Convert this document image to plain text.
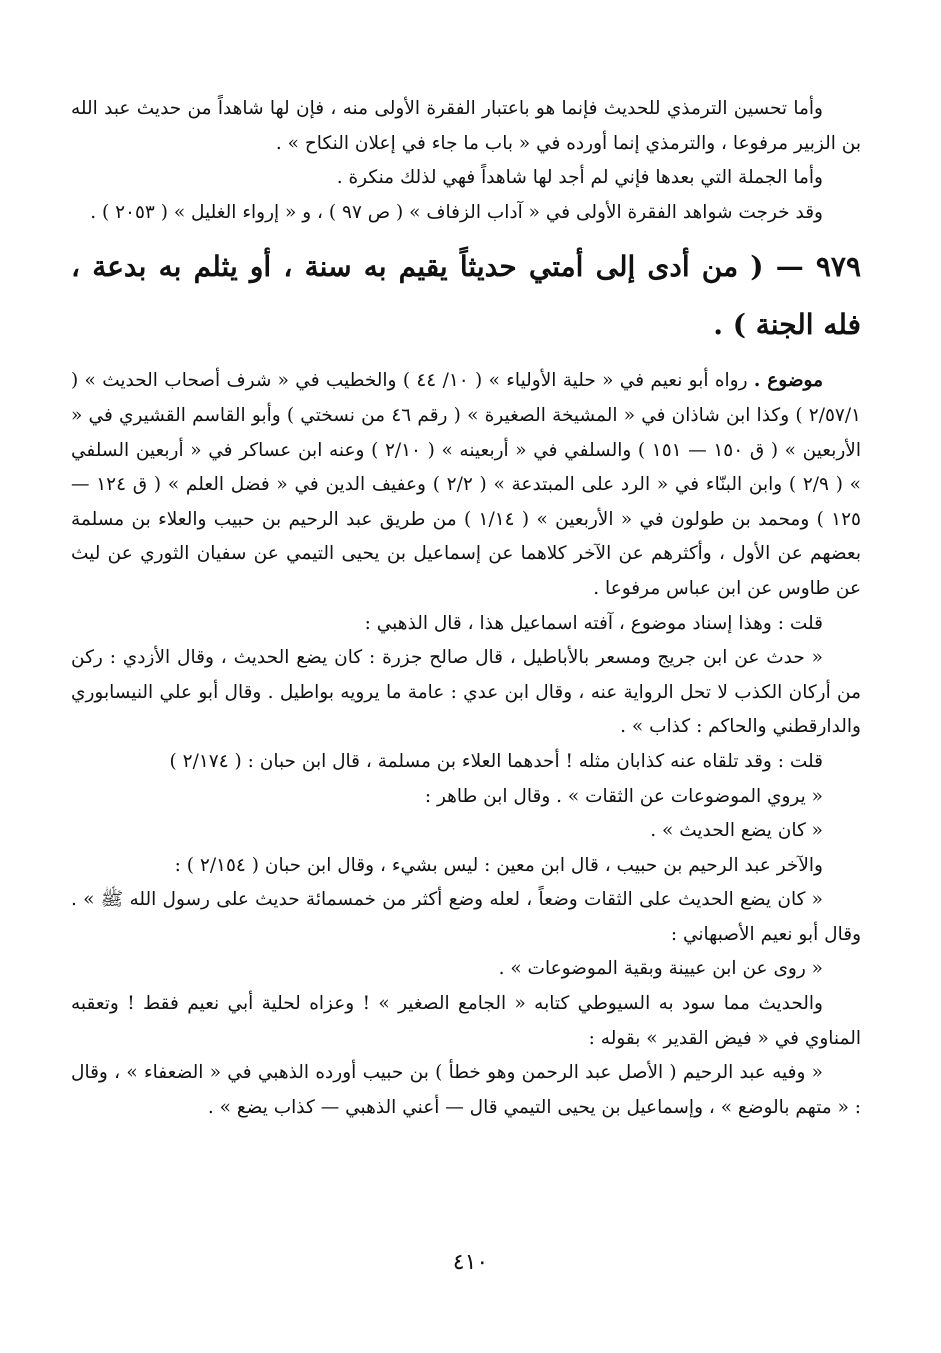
وأما تحسين الترمذي للحديث فإنما هو باعتبار الفقرة الأولى منه ، فإن لها شاهداً من حديث عبد الله بن الزبير مرفوعا ، والترمذي إنما أورده في « باب ما جاء في إعلان النكاح » .

وأما الجملة التي بعدها فإني لم أجد لها شاهداً فهي لذلك منكرة .

وقد خرجت شواهد الفقرة الأولى في « آداب الزفاف » ( ص ٩٧ ) ، و « إرواء الغليل » ( ٢٠٥٣ ) .

٩٧٩ — ( من أدى إلى أمتي حديثاً يقيم به سنة ، أو يثلم به بدعة ، فله الجنة ) .

موضوع . رواه أبو نعيم في « حلية الأولياء » ( ١٠/ ٤٤ ) والخطيب في « شرف أصحاب الحديث » ( ٢/٥٧/١ ) وكذا ابن شاذان في « المشيخة الصغيرة » ( رقم ٤٦ من نسختي ) وأبو القاسم القشيري في « الأربعين » ( ق ١٥٠ — ١٥١ ) والسلفي في « أربعينه » ( ٢/١٠ ) وعنه ابن عساكر في « أربعين السلفي » ( ٢/٩ ) وابن البنّاء في « الرد على المبتدعة » ( ٢/٢ ) وعفيف الدين في « فضل العلم » ( ق ١٢٤ — ١٢٥ ) ومحمد بن طولون في « الأربعين » ( ١/١٤ ) من طريق عبد الرحيم بن حبيب والعلاء بن مسلمة بعضهم عن الأول ، وأكثرهم عن الآخر كلاهما عن إسماعيل بن يحيى التيمي عن سفيان الثوري عن ليث عن طاوس عن ابن عباس مرفوعا .

قلت : وهذا إسناد موضوع ، آفته اسماعيل هذا ، قال الذهبي :

« حدث عن ابن جريج ومسعر بالأباطيل ، قال صالح جزرة : كان يضع الحديث ، وقال الأزدي : ركن من أركان الكذب لا تحل الرواية عنه ، وقال ابن عدي : عامة ما يرويه بواطيل . وقال أبو علي النيسابوري والدارقطني والحاكم : كذاب » .

قلت : وقد تلقاه عنه كذابان مثله ! أحدهما العلاء بن مسلمة ، قال ابن حبان : ( ٢/١٧٤ )

« يروي الموضوعات عن الثقات » . وقال ابن طاهر :

« كان يضع الحديث » .

والآخر عبد الرحيم بن حبيب ، قال ابن معين : ليس بشيء ، وقال ابن حبان ( ٢/١٥٤ ) :

« كان يضع الحديث على الثقات وضعاً ، لعله وضع أكثر من خمسمائة حديث على رسول الله ﷺ » . وقال أبو نعيم الأصبهاني :

« روى عن ابن عيينة وبقية الموضوعات » .

والحديث مما سود به السيوطي كتابه « الجامع الصغير » ! وعزاه لحلية أبي نعيم فقط ! وتعقبه المناوي في « فيض القدير » بقوله :

« وفيه عبد الرحيم ( الأصل عبد الرحمن وهو خطأ ) بن حبيب أورده الذهبي في « الضعفاء » ، وقال : « متهم بالوضع » ، وإسماعيل بن يحيى التيمي قال — أعني الذهبي — كذاب يضع » .

٤١٠
